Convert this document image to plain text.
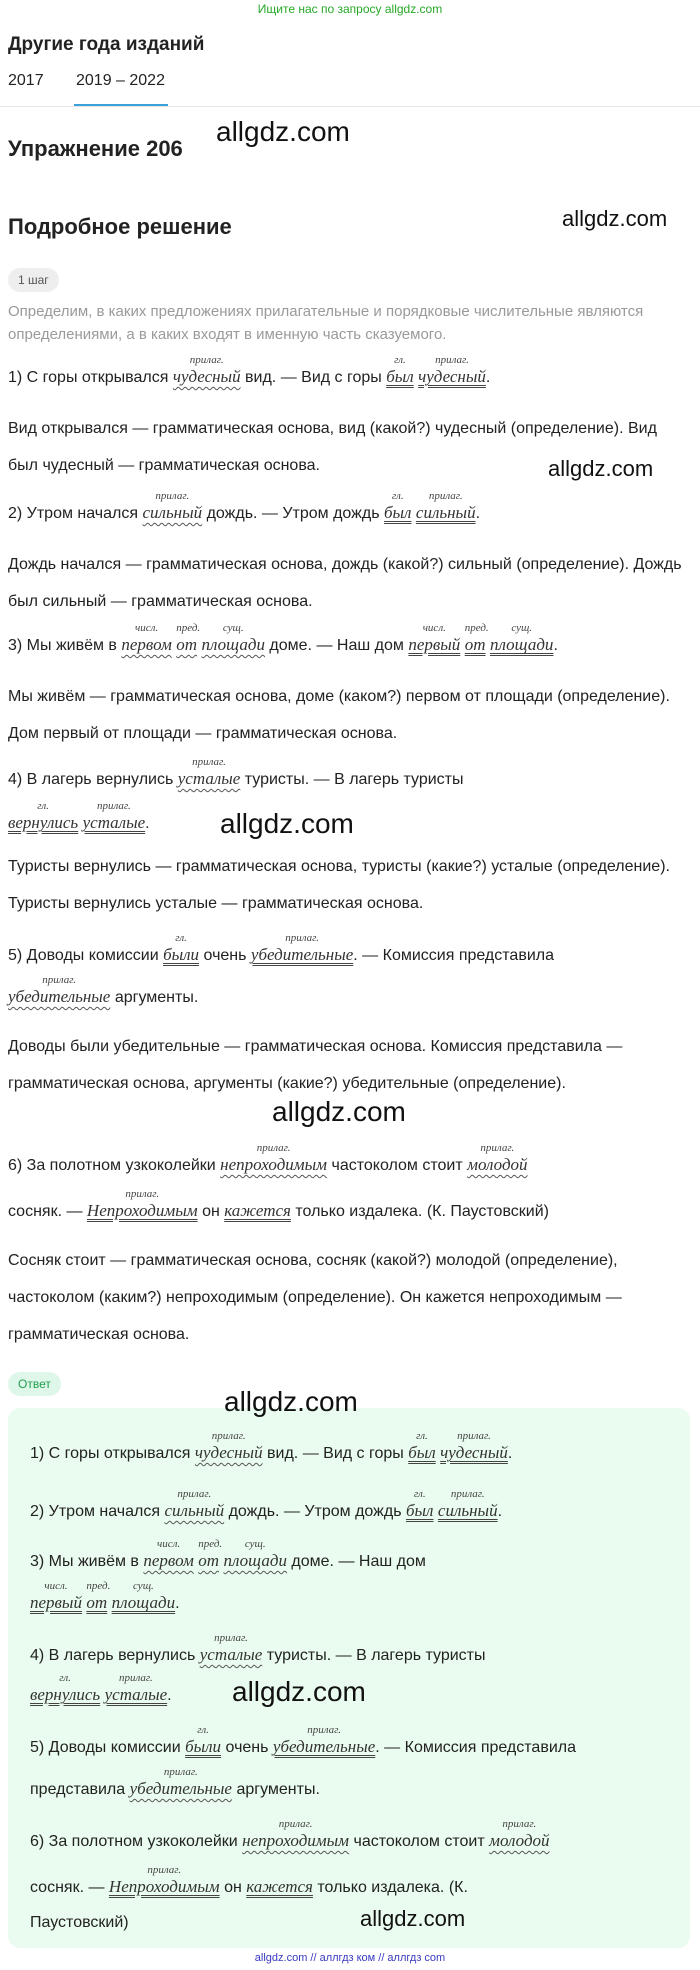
Ищите нас по запросу allgdz.com
Другие года изданий
2017 2019 – 2022
Упражнение 206
allgdz.com
Подробное решение	allgdz.com
1 шаг
Определим, в каких предложениях прилагательные и порядковые числительные являются определениями, а в каких входят в именную часть сказуемого.
1) С горы открывался
прилаг.
чудесный вид. — Вид с горы
гл.
был
прилаг.
чудесный.
Вид открывался — грамматическая основа, вид (какой?) чудесный (определение). Вид был чудесный — грамматическая основа.	allgdz.com
2) Утром начался
прилаг.
сильный дождь. — Утром дождь
гл.
был
прилаг.
сильный.
Дождь начался — грамматическая основа, дождь (какой?) сильный (определение). Дождь был сильный — грамматическая основа.
3) Мы живём в
числ.
первом
пред.
от
сущ.
площади доме. — Наш дом
числ.
первый
пред.
от
сущ.
площади.
Мы живём — грамматическая основа, доме (каком?) первом от площади (определение). Дом первый от площади — грамматическая основа.
4) В лагерь вернулись
прилаг.
усталые туристы. — В лагерь туристы
гл.
вернулись
прилаг.
усталые.	allgdz.com
Туристы вернулись — грамматическая основа, туристы (какие?) усталые (определение). Туристы вернулись усталые — грамматическая основа.
5) Доводы комиссии
гл.
были очень
прилаг.
убедительные. — Комиссия представила
прилаг.
убедительные аргументы.
Доводы были убедительные — грамматическая основа. Комиссия представила — грамматическая основа, аргументы (какие?) убедительные (определение).
allgdz.com
6) За полотном узкоколейки
прилаг.
непроходимым частоколом стоит
прилаг.
молодой
сосняк. —
прилаг.
Непроходимым он кажется только издалека. (К. Паустовский)
Сосняк стоит — грамматическая основа, сосняк (какой?) молодой (определение), частоколом (каким?) непроходимым (определение). Он кажется непроходимым — грамматическая основа.
Ответ
allgdz.com
1) С горы открывался
прилаг.
чудесный вид. — Вид с горы
гл.
был
прилаг.
чудесный.
2) Утром начался
прилаг.
сильный дождь. — Утром дождь
гл.
был
прилаг.
сильный.
3) Мы живём в
числ.
первом
пред.
от
сущ.
площади доме. — Наш дом
числ.
первый
пред.
от
сущ.
площади.
4) В лагерь вернулись
прилаг.
усталые туристы. — В лагерь туристы
гл.
вернулись
прилаг.
усталые. allgdz.com
5) Доводы комиссии
гл.
были очень
прилаг.
убедительные. — Комиссия представила
представила
прилаг.
убедительные аргументы.
6) За полотном узкоколейки
прилаг.
непроходимым частоколом стоит
прилаг.
молодой
сосняк. —
прилаг.
Непроходимым он кажется только издалека. (К.
Паустовский)	allgdz.com
allgdz.com // аллгдз ком // аллгдз com
